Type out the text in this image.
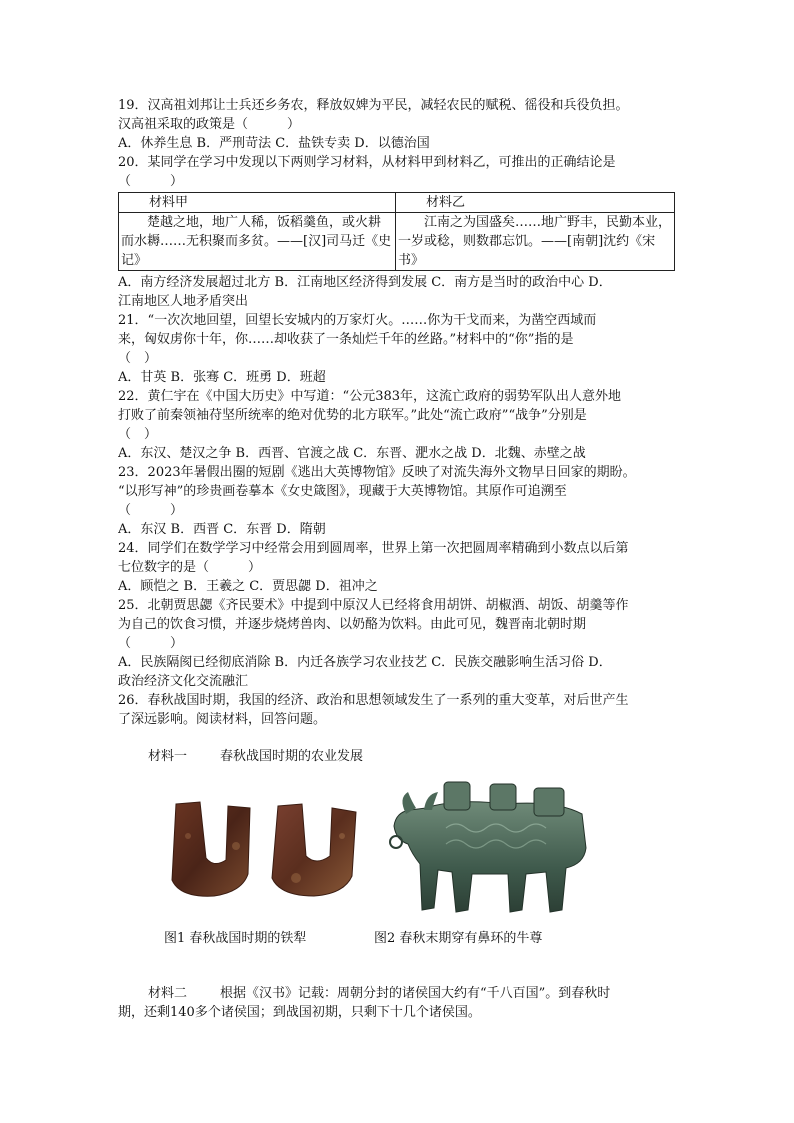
19．汉高祖刘邦让士兵还乡务农，释放奴婢为平民，减轻农民的赋税、徭役和兵役负担。
汉高祖采取的政策是（　　　）
A．休养生息 B．严刑苛法 C．盐铁专卖 D．以德治国
20．某同学在学习中发现以下两则学习材料，从材料甲到材料乙，可推出的正确结论是
（　　　）
材料甲	材料乙

楚越之地，地广人稀，饭稻羹鱼，或火耕而水耨……无积聚而多贫。——[汉]司马迁《史记》	江南之为国盛矣……地广野丰，民勤本业，一岁或稔，则数郡忘饥。——[南朝]沈约《宋书》
A．南方经济发展超过北方 B．江南地区经济得到发展 C．南方是当时的政治中心 D．
江南地区人地矛盾突出
21．“一次次地回望，回望长安城内的万家灯火。……你为干戈而来，为凿空西域而
来，匈奴虏你十年，你……却收获了一条灿烂千年的丝路。”材料中的“你”指的是
（　）
A．甘英 B．张骞 C．班勇 D．班超
22．黄仁宇在《中国大历史》中写道：“公元383年，这流亡政府的弱势军队出人意外地
打败了前秦领袖苻坚所统率的绝对优势的北方联军。”此处“流亡政府”“战争”分别是
（　）
A．东汉、楚汉之争 B．西晋、官渡之战 C．东晋、淝水之战 D．北魏、赤壁之战
23．2023年暑假出圈的短剧《逃出大英博物馆》反映了对流失海外文物早日回家的期盼。
“以形写神”的珍贵画卷摹本《女史箴图》，现藏于大英博物馆。其原作可追溯至
（　　　）
A．东汉 B．西晋 C．东晋 D．隋朝
24．同学们在数学学习中经常会用到圆周率，世界上第一次把圆周率精确到小数点以后第
七位数字的是（　　　）
A．顾恺之 B．王羲之 C．贾思勰 D．祖冲之
25．北朝贾思勰《齐民要术》中提到中原汉人已经将食用胡饼、胡椒酒、胡饭、胡羹等作
为自己的饮食习惯，并逐步烧烤兽肉、以奶酪为饮料。由此可见，魏晋南北朝时期
（　　　）
A．民族隔阂已经彻底消除 B．内迁各族学习农业技艺 C．民族交融影响生活习俗 D．
政治经济文化交流融汇
26．春秋战国时期，我国的经济、政治和思想领域发生了一系列的重大变革，对后世产生
了深远影响。阅读材料，回答问题。
材料一	春秋战国时期的农业发展
图1 春秋战国时期的铁犁	图2 春秋末期穿有鼻环的牛尊
材料二	根据《汉书》记载：周朝分封的诸侯国大约有“千八百国”。到春秋时
期，还剩140多个诸侯国；到战国初期，只剩下十几个诸侯国。
